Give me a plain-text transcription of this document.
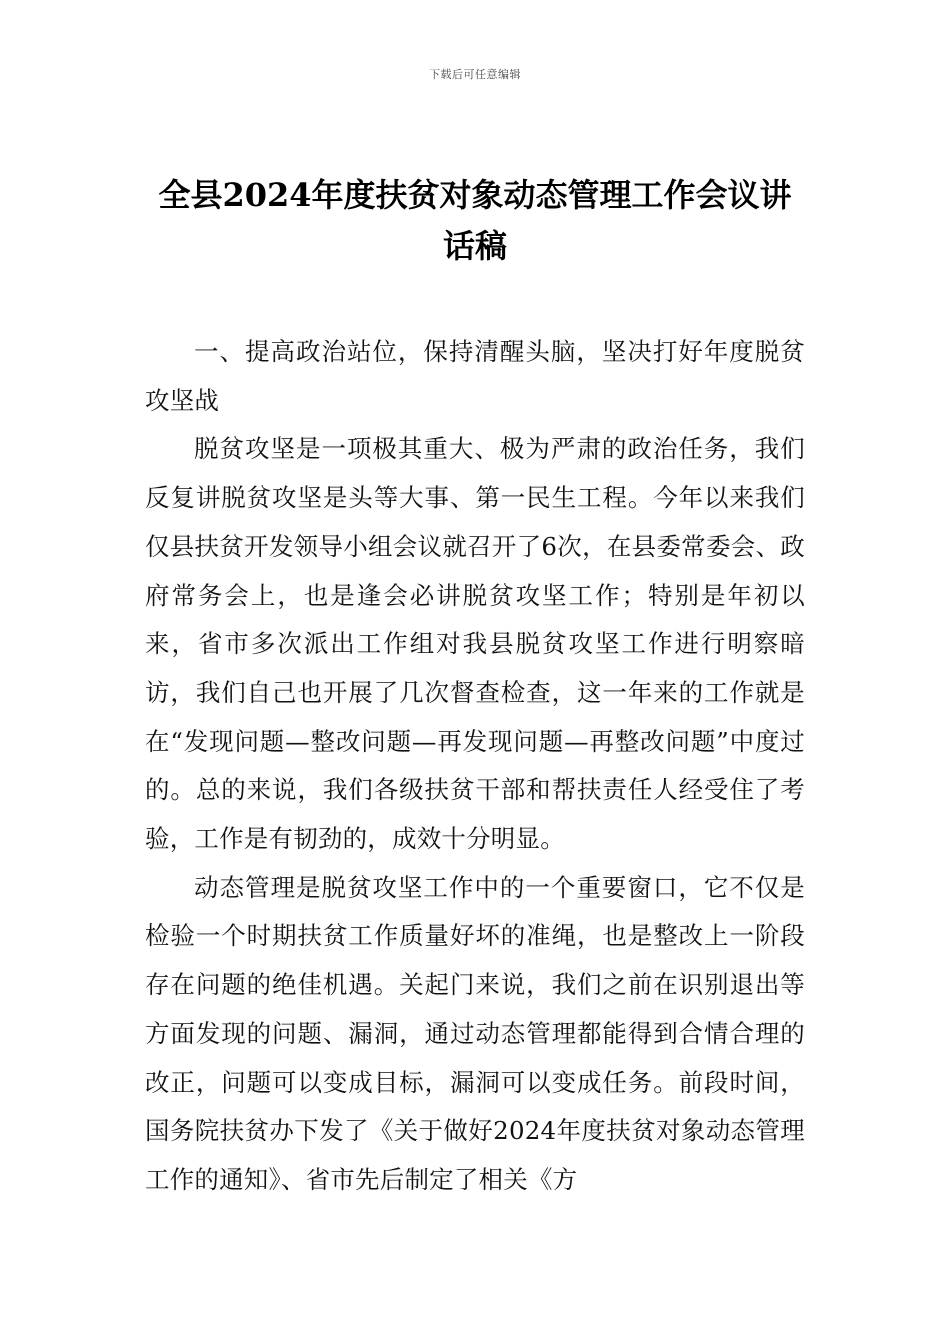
下载后可任意编辑
全县2024年度扶贫对象动态管理工作会议讲话稿

一、提高政治站位，保持清醒头脑，坚决打好年度脱贫攻坚战

脱贫攻坚是一项极其重大、极为严肃的政治任务，我们反复讲脱贫攻坚是头等大事、第一民生工程。今年以来我们仅县扶贫开发领导小组会议就召开了6次，在县委常委会、政府常务会上，也是逢会必讲脱贫攻坚工作；特别是年初以来，省市多次派出工作组对我县脱贫攻坚工作进行明察暗访，我们自己也开展了几次督查检查，这一年来的工作就是在“发现问题—整改问题—再发现问题—再整改问题”中度过的。总的来说，我们各级扶贫干部和帮扶责任人经受住了考验，工作是有韧劲的，成效十分明显。

动态管理是脱贫攻坚工作中的一个重要窗口，它不仅是检验一个时期扶贫工作质量好坏的准绳，也是整改上一阶段存在问题的绝佳机遇。关起门来说，我们之前在识别退出等方面发现的问题、漏洞，通过动态管理都能得到合情合理的改正，问题可以变成目标，漏洞可以变成任务。前段时间，国务院扶贫办下发了《关于做好2024年度扶贫对象动态管理工作的通知》、省市先后制定了相关《方
